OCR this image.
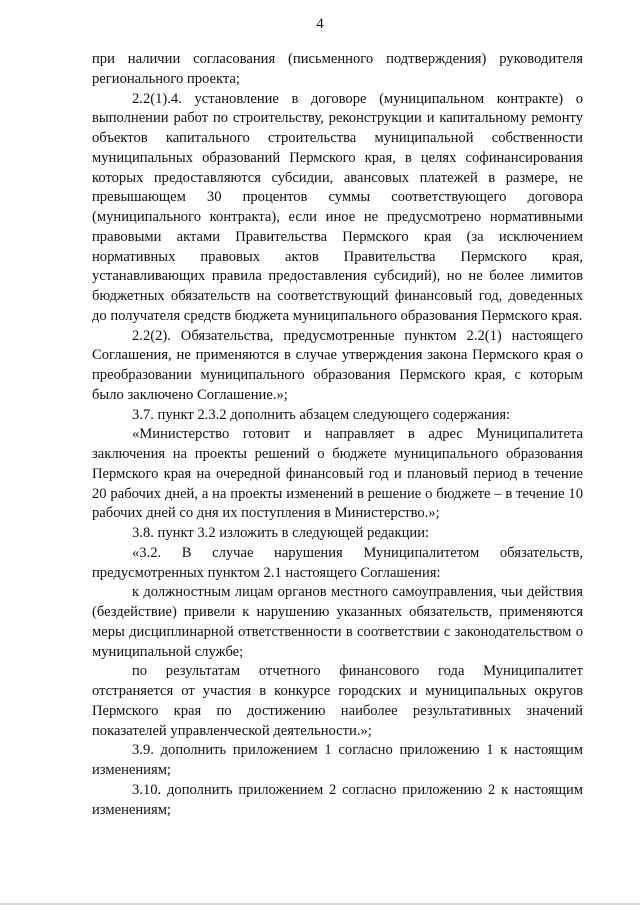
4

при наличии согласования (письменного подтверждения) руководителя регионального проекта;

2.2(1).4. установление в договоре (муниципальном контракте) о выполнении работ по строительству, реконструкции и капитальному ремонту объектов капитального строительства муниципальной собственности муниципальных образований Пермского края, в целях софинансирования которых предоставляются субсидии, авансовых платежей в размере, не превышающем 30 процентов суммы соответствующего договора (муниципального контракта), если иное не предусмотрено нормативными правовыми актами Правительства Пермского края (за исключением нормативных правовых актов Правительства Пермского края, устанавливающих правила предоставления субсидий), но не более лимитов бюджетных обязательств на соответствующий финансовый год, доведенных до получателя средств бюджета муниципального образования Пермского края.

2.2(2). Обязательства, предусмотренные пунктом 2.2(1) настоящего Соглашения, не применяются в случае утверждения закона Пермского края о преобразовании муниципального образования Пермского края, с которым было заключено Соглашение.»;

3.7. пункт 2.3.2 дополнить абзацем следующего содержания:

«Министерство готовит и направляет в адрес Муниципалитета заключения на проекты решений о бюджете муниципального образования Пермского края на очередной финансовый год и плановый период в течение 20 рабочих дней, а на проекты изменений в решение о бюджете – в течение 10 рабочих дней со дня их поступления в Министерство.»;

3.8. пункт 3.2 изложить в следующей редакции:

«3.2. В случае нарушения Муниципалитетом обязательств, предусмотренных пунктом 2.1 настоящего Соглашения:

к должностным лицам органов местного самоуправления, чьи действия (бездействие) привели к нарушению указанных обязательств, применяются меры дисциплинарной ответственности в соответствии с законодательством о муниципальной службе;

по результатам отчетного финансового года Муниципалитет отстраняется от участия в конкурсе городских и муниципальных округов Пермского края по достижению наиболее результативных значений показателей управленческой деятельности.»;

3.9. дополнить приложением 1 согласно приложению 1 к настоящим изменениям;

3.10. дополнить приложением 2 согласно приложению 2 к настоящим изменениям;
